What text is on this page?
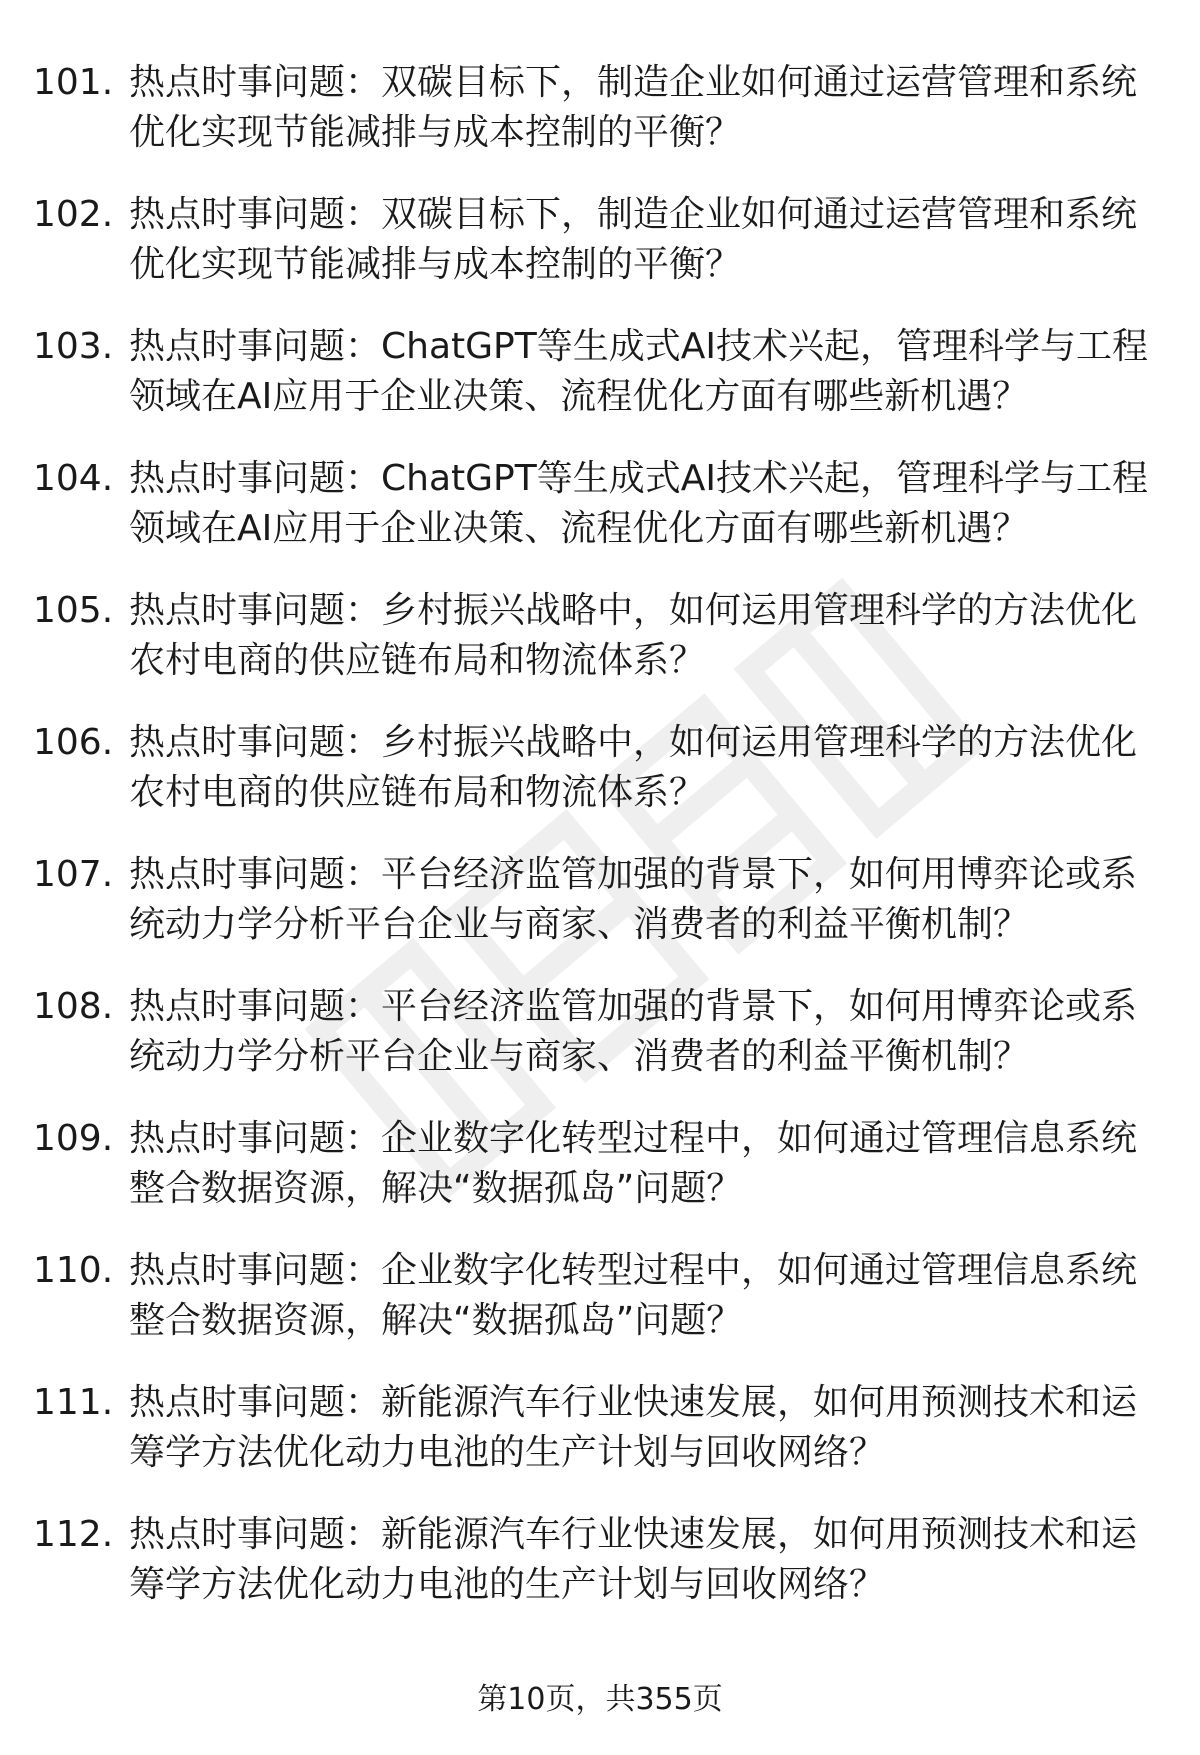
101. 热点时事问题：双碳目标下，制造企业如何通过运营管理和系统
优化实现节能减排与成本控制的平衡？
102. 热点时事问题：双碳目标下，制造企业如何通过运营管理和系统
优化实现节能减排与成本控制的平衡？
103. 热点时事问题：ChatGPT等生成式AI技术兴起，管理科学与工程
领域在AI应用于企业决策、流程优化方面有哪些新机遇？
104. 热点时事问题：ChatGPT等生成式AI技术兴起，管理科学与工程
领域在AI应用于企业决策、流程优化方面有哪些新机遇？
105. 热点时事问题：乡村振兴战略中，如何运用管理科学的方法优化
农村电商的供应链布局和物流体系？
106. 热点时事问题：乡村振兴战略中，如何运用管理科学的方法优化
农村电商的供应链布局和物流体系？
107. 热点时事问题：平台经济监管加强的背景下，如何用博弈论或系
统动力学分析平台企业与商家、消费者的利益平衡机制？
108. 热点时事问题：平台经济监管加强的背景下，如何用博弈论或系
统动力学分析平台企业与商家、消费者的利益平衡机制？
109. 热点时事问题：企业数字化转型过程中，如何通过管理信息系统
整合数据资源，解决“数据孤岛”问题？
110. 热点时事问题：企业数字化转型过程中，如何通过管理信息系统
整合数据资源，解决“数据孤岛”问题？
111. 热点时事问题：新能源汽车行业快速发展，如何用预测技术和运
筹学方法优化动力电池的生产计划与回收网络？
112. 热点时事问题：新能源汽车行业快速发展，如何用预测技术和运
筹学方法优化动力电池的生产计划与回收网络？
第10页，共355页
